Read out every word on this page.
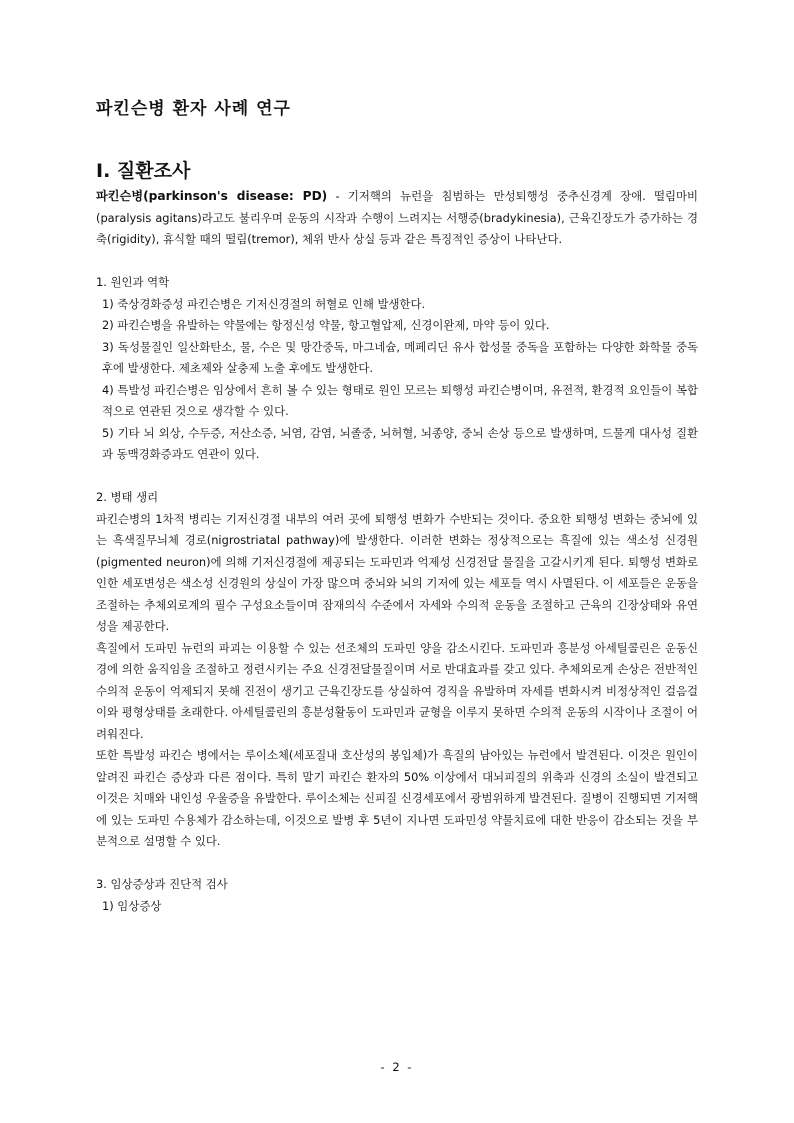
파킨슨병 환자 사례 연구
Ⅰ. 질환조사

파킨슨병(parkinson's disease: PD) - 기저핵의 뉴런을 침범하는 만성퇴행성 중추신경계 장애. 떨림마비(paralysis agitans)라고도 불리우며 운동의 시작과 수행이 느려지는 서행증(bradykinesia), 근육긴장도가 증가하는 경축(rigidity), 휴식할 때의 떨림(tremor), 체위 반사 상실 등과 같은 특징적인 증상이 나타난다.

1. 원인과 역학

1) 죽상경화증성 파킨슨병은 기저신경절의 허혈로 인해 발생한다.

2) 파킨슨병을 유발하는 약물에는 항정신성 약물, 항고혈압제, 신경이완제, 마약 등이 있다.

3) 독성물질인 일산화탄소, 물, 수은 및 망간중독, 마그네슘, 메페리딘 유사 합성물 중독을 포함하는 다양한 화학물 중독 후에 발생한다. 제초제와 살충제 노출 후에도 발생한다.

4) 특발성 파킨슨병은 임상에서 흔히 볼 수 있는 형태로 원인 모르는 퇴행성 파킨슨병이며, 유전적, 환경적 요인들이 복합적으로 연관된 것으로 생각할 수 있다.

5) 기타 뇌 외상, 수두증, 저산소증, 뇌염, 감염, 뇌졸중, 뇌허혈, 뇌종양, 중뇌 손상 등으로 발생하며, 드물게 대사성 질환과 동맥경화증과도 연관이 있다.

2. 병태 생리

파킨슨병의 1차적 병리는 기저신경절 내부의 여러 곳에 퇴행성 변화가 수반되는 것이다. 중요한 퇴행성 변화는 중뇌에 있는 흑색질무늬체 경로(nigrostriatal pathway)에 발생한다. 이러한 변화는 정상적으로는 흑질에 있는 색소성 신경원(pigmented neuron)에 의해 기저신경절에 제공되는 도파민과 억제성 신경전달 물질을 고갈시키게 된다. 퇴행성 변화로 인한 세포변성은 색소성 신경원의 상실이 가장 많으며 중뇌와 뇌의 기저에 있는 세포들 역시 사멸된다. 이 세포들은 운동을 조절하는 추체외로계의 필수 구성요소들이며 잠재의식 수준에서 자세와 수의적 운동을 조절하고 근육의 긴장상태와 유연성을 제공한다.

흑질에서 도파민 뉴런의 파괴는 이용할 수 있는 선조체의 도파민 양을 감소시킨다. 도파민과 흥분성 아세틸콜린은 운동신경에 의한 움직임을 조절하고 정련시키는 주요 신경전달물질이며 서로 반대효과를 갖고 있다. 추체외로계 손상은 전반적인 수의적 운동이 억제되지 못해 진전이 생기고 근육긴장도를 상실하여 경직을 유발하며 자세를 변화시켜 비정상적인 걸음걸이와 평형상태를 초래한다. 아세틸콜린의 흥분성활동이 도파민과 균형을 이루지 못하면 수의적 운동의 시작이나 조절이 어려워진다.

또한 특발성 파킨슨 병에서는 루이소체(세포질내 호산성의 봉입체)가 흑질의 남아있는 뉴런에서 발견된다. 이것은 원인이 알려진 파킨슨 증상과 다른 점이다. 특히 말기 파킨슨 환자의 50% 이상에서 대뇌피질의 위축과 신경의 소실이 발견되고 이것은 치매와 내인성 우울증을 유발한다. 루이소체는 신피질 신경세포에서 광범위하게 발견된다. 질병이 진행되면 기저핵에 있는 도파민 수용체가 감소하는데, 이것으로 발병 후 5년이 지나면 도파민성 약물치료에 대한 반응이 감소되는 것을 부분적으로 설명할 수 있다.

3. 임상증상과 진단적 검사

1) 임상증상

- 2 -
